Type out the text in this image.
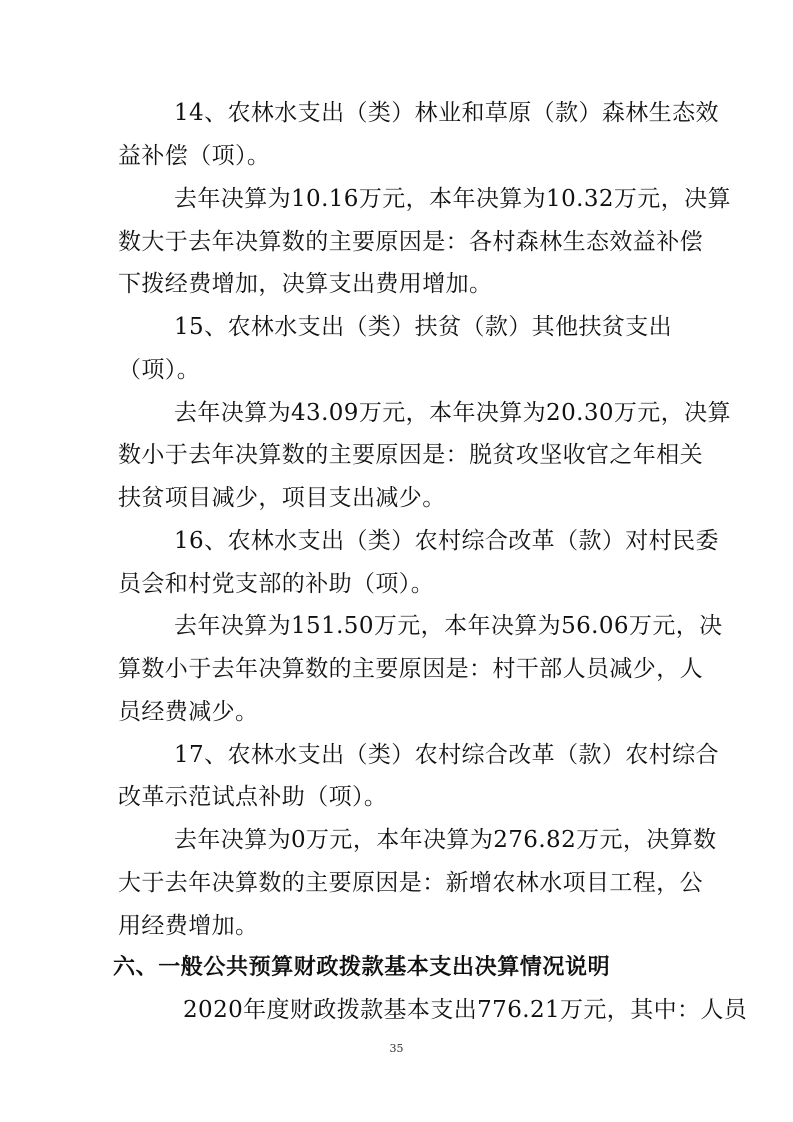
14、农林水支出（类）林业和草原（款）森林生态效
益补偿（项）。
去年决算为10.16万元，本年决算为10.32万元，决算
数大于去年决算数的主要原因是：各村森林生态效益补偿
下拨经费增加，决算支出费用增加。
15、农林水支出（类）扶贫（款）其他扶贫支出
（项）。
去年决算为43.09万元，本年决算为20.30万元，决算
数小于去年决算数的主要原因是：脱贫攻坚收官之年相关
扶贫项目减少，项目支出减少。
16、农林水支出（类）农村综合改革（款）对村民委
员会和村党支部的补助（项）。
去年决算为151.50万元，本年决算为56.06万元，决
算数小于去年决算数的主要原因是：村干部人员减少，人
员经费减少。
17、农林水支出（类）农村综合改革（款）农村综合
改革示范试点补助（项）。
去年决算为0万元，本年决算为276.82万元，决算数
大于去年决算数的主要原因是：新增农林水项目工程，公
用经费增加。
六、一般公共预算财政拨款基本支出决算情况说明
2020年度财政拨款基本支出776.21万元，其中：人员
35
